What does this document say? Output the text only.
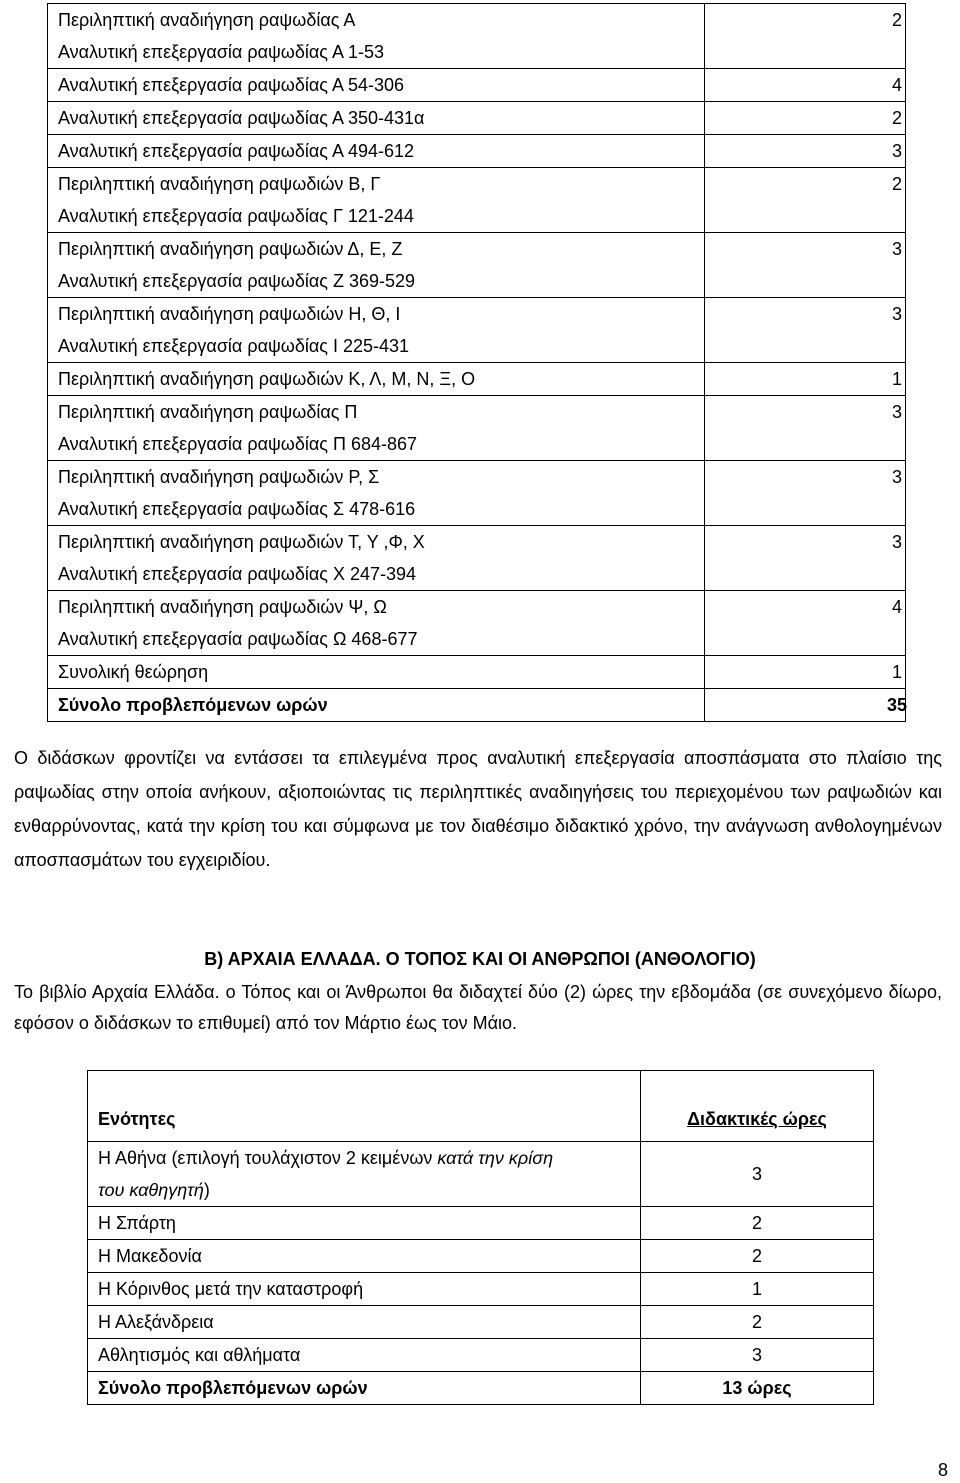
Περιληπτική αναδιήγηση ραψωδίας Α
Αναλυτική επεξεργασία ραψωδίας Α 1-53	2

Αναλυτική επεξεργασία ραψωδίας Α 54-306	4

Αναλυτική επεξεργασία ραψωδίας Α 350-431α	2

Αναλυτική επεξεργασία ραψωδίας Α 494-612	3

Περιληπτική αναδιήγηση ραψωδιών Β, Γ
Αναλυτική επεξεργασία ραψωδίας Γ 121-244	2

Περιληπτική αναδιήγηση ραψωδιών Δ, Ε, Ζ
Αναλυτική επεξεργασία ραψωδίας Ζ 369-529	3

Περιληπτική αναδιήγηση ραψωδιών Η, Θ, Ι
Αναλυτική επεξεργασία ραψωδίας Ι 225-431	3

Περιληπτική αναδιήγηση ραψωδιών Κ, Λ, Μ, Ν, Ξ, Ο	1

Περιληπτική αναδιήγηση ραψωδίας Π
Αναλυτική επεξεργασία ραψωδίας Π 684-867	3

Περιληπτική αναδιήγηση ραψωδιών Ρ, Σ
Αναλυτική επεξεργασία ραψωδίας Σ 478-616	3

Περιληπτική αναδιήγηση ραψωδιών Τ, Υ ,Φ, Χ
Αναλυτική επεξεργασία ραψωδίας Χ 247-394	3

Περιληπτική αναδιήγηση ραψωδιών Ψ, Ω
Αναλυτική επεξεργασία ραψωδίας Ω 468-677	4

Συνολική θεώρηση	1

Σύνολο προβλεπόμενων ωρών	35
Ο διδάσκων φροντίζει να εντάσσει τα επιλεγμένα προς αναλυτική επεξεργασία αποσπάσματα στο πλαίσιο της ραψωδίας στην οποία ανήκουν, αξιοποιώντας τις περιληπτικές αναδιηγήσεις του περιεχομένου των ραψωδιών και ενθαρρύνοντας, κατά την κρίση του και σύμφωνα με τον διαθέσιμο διδακτικό χρόνο, την ανάγνωση ανθολογημένων αποσπασμάτων του εγχειριδίου.
Β) ΑΡΧΑΙΑ ΕΛΛΑΔΑ. Ο ΤΟΠΟΣ ΚΑΙ ΟΙ ΑΝΘΡΩΠΟΙ (ΑΝΘΟΛΟΓΙΟ)
Το βιβλίο Αρχαία Ελλάδα. ο Τόπος και οι Άνθρωποι θα διδαχτεί δύο (2) ώρες την εβδομάδα (σε συνεχόμενο δίωρο, εφόσον ο διδάσκων το επιθυμεί) από τον Μάρτιο έως τον Μάιο.
Ενότητες	Διδακτικές ώρες
Η Αθήνα (επιλογή τουλάχιστον 2 κειμένων κατά την κρίση
του καθηγητή)	3
Η Σπάρτη	2
Η Μακεδονία	2
Η Κόρινθος μετά την καταστροφή	1
Η Αλεξάνδρεια	2
Αθλητισμός και αθλήματα	3
Σύνολο προβλεπόμενων ωρών	13 ώρες
8
